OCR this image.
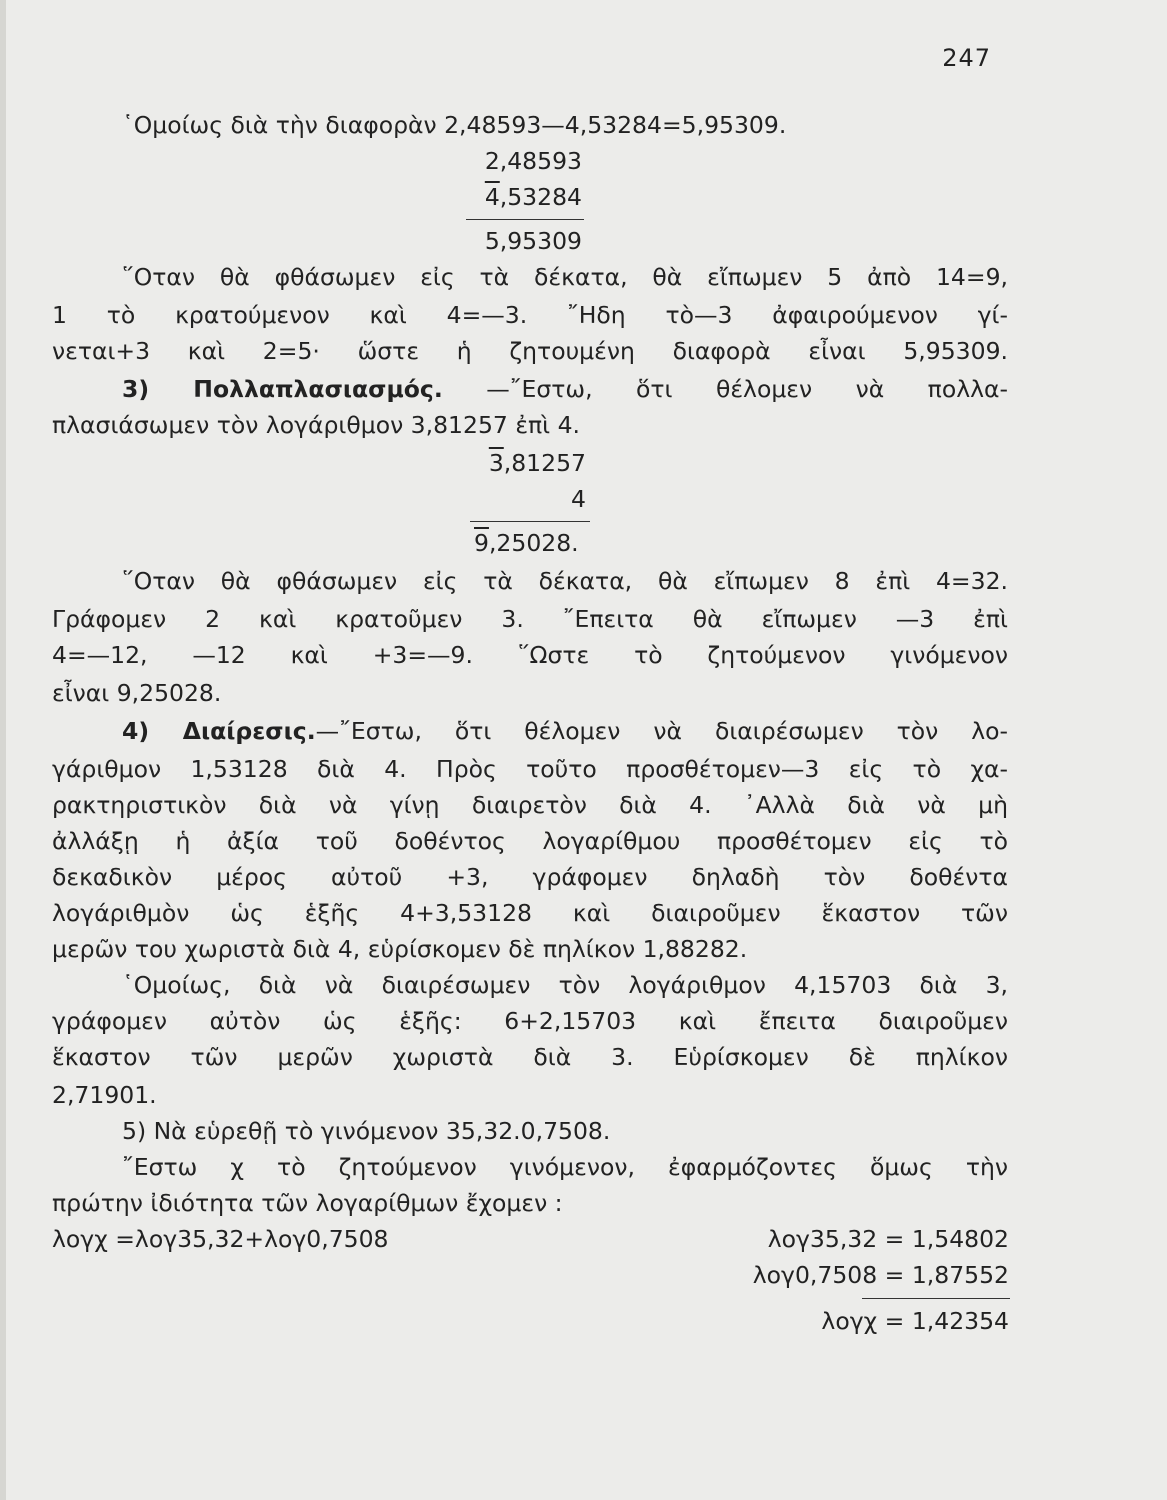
247
῾Ομοίως διὰ τὴν διαφορὰν 2,48593—4,53284=5,95309.
2,48593
4,53284
5,95309
῞Οταν θὰ φθάσωμεν εἰς τὰ δέκατα, θὰ εἴπωμεν 5 ἀπὸ 14=9,
1 τὸ κρατούμενον καὶ 4=—3. ῎Ηδη τὸ—3 ἀφαιρούμενον γί-
νεται+3 καὶ 2=5· ὥστε ἡ ζητουμένη διαφορὰ εἶναι 5,95309.
3) Πολλαπλασιασμός. —῎Εστω, ὅτι θέλομεν νὰ πολλα-
πλασιάσωμεν τὸν λογάριθμον 3,81257 ἐπὶ 4.
3,81257
4
9,25028.
῞Οταν θὰ φθάσωμεν εἰς τὰ δέκατα, θὰ εἴπωμεν 8 ἐπὶ 4=32.
Γράφομεν 2 καὶ κρατοῦμεν 3. ῎Επειτα θὰ εἴπωμεν —3 ἐπὶ
4=—12, —12 καὶ +3=—9. ῞Ωστε τὸ ζητούμενον γινόμενον
εἶναι 9,25028.
4) Διαίρεσις.—῎Εστω, ὅτι θέλομεν νὰ διαιρέσωμεν τὸν λο-
γάριθμον 1,53128 διὰ 4. Πρὸς τοῦτο προσθέτομεν—3 εἰς τὸ χα-
ρακτηριστικὸν διὰ νὰ γίνῃ διαιρετὸν διὰ 4. ᾿Αλλὰ διὰ νὰ μὴ
ἀλλάξῃ ἡ ἀξία τοῦ δοθέντος λογαρίθμου προσθέτομεν εἰς τὸ
δεκαδικὸν μέρος αὐτοῦ +3, γράφομεν δηλαδὴ τὸν δοθέντα
λογάριθμὸν ὡς ἑξῆς 4+3,53128 καὶ διαιροῦμεν ἕκαστον τῶν
μερῶν του χωριστὰ διὰ 4, εὑρίσκομεν δὲ πηλίκον 1,88282.
῾Ομοίως, διὰ νὰ διαιρέσωμεν τὸν λογάριθμον 4,15703 διὰ 3,
γράφομεν αὐτὸν ὡς ἑξῆς: 6+2,15703 καὶ ἔπειτα διαιροῦμεν
ἕκαστον τῶν μερῶν χωριστὰ διὰ 3. Εὑρίσκομεν δὲ πηλίκον
2,71901.
5) Νὰ εὑρεθῇ τὸ γινόμενον 35,32.0,7508.
῎Εστω χ τὸ ζητούμενον γινόμενον, ἐφαρμόζοντες ὅμως τὴν
πρώτην ἰδιότητα τῶν λογαρίθμων ἔχομεν :
λογχ =λογ35,32+λογ0,7508	λογ35,32 = 1,54802
λογ0,7508 = 1,87552
λογχ = 1,42354
